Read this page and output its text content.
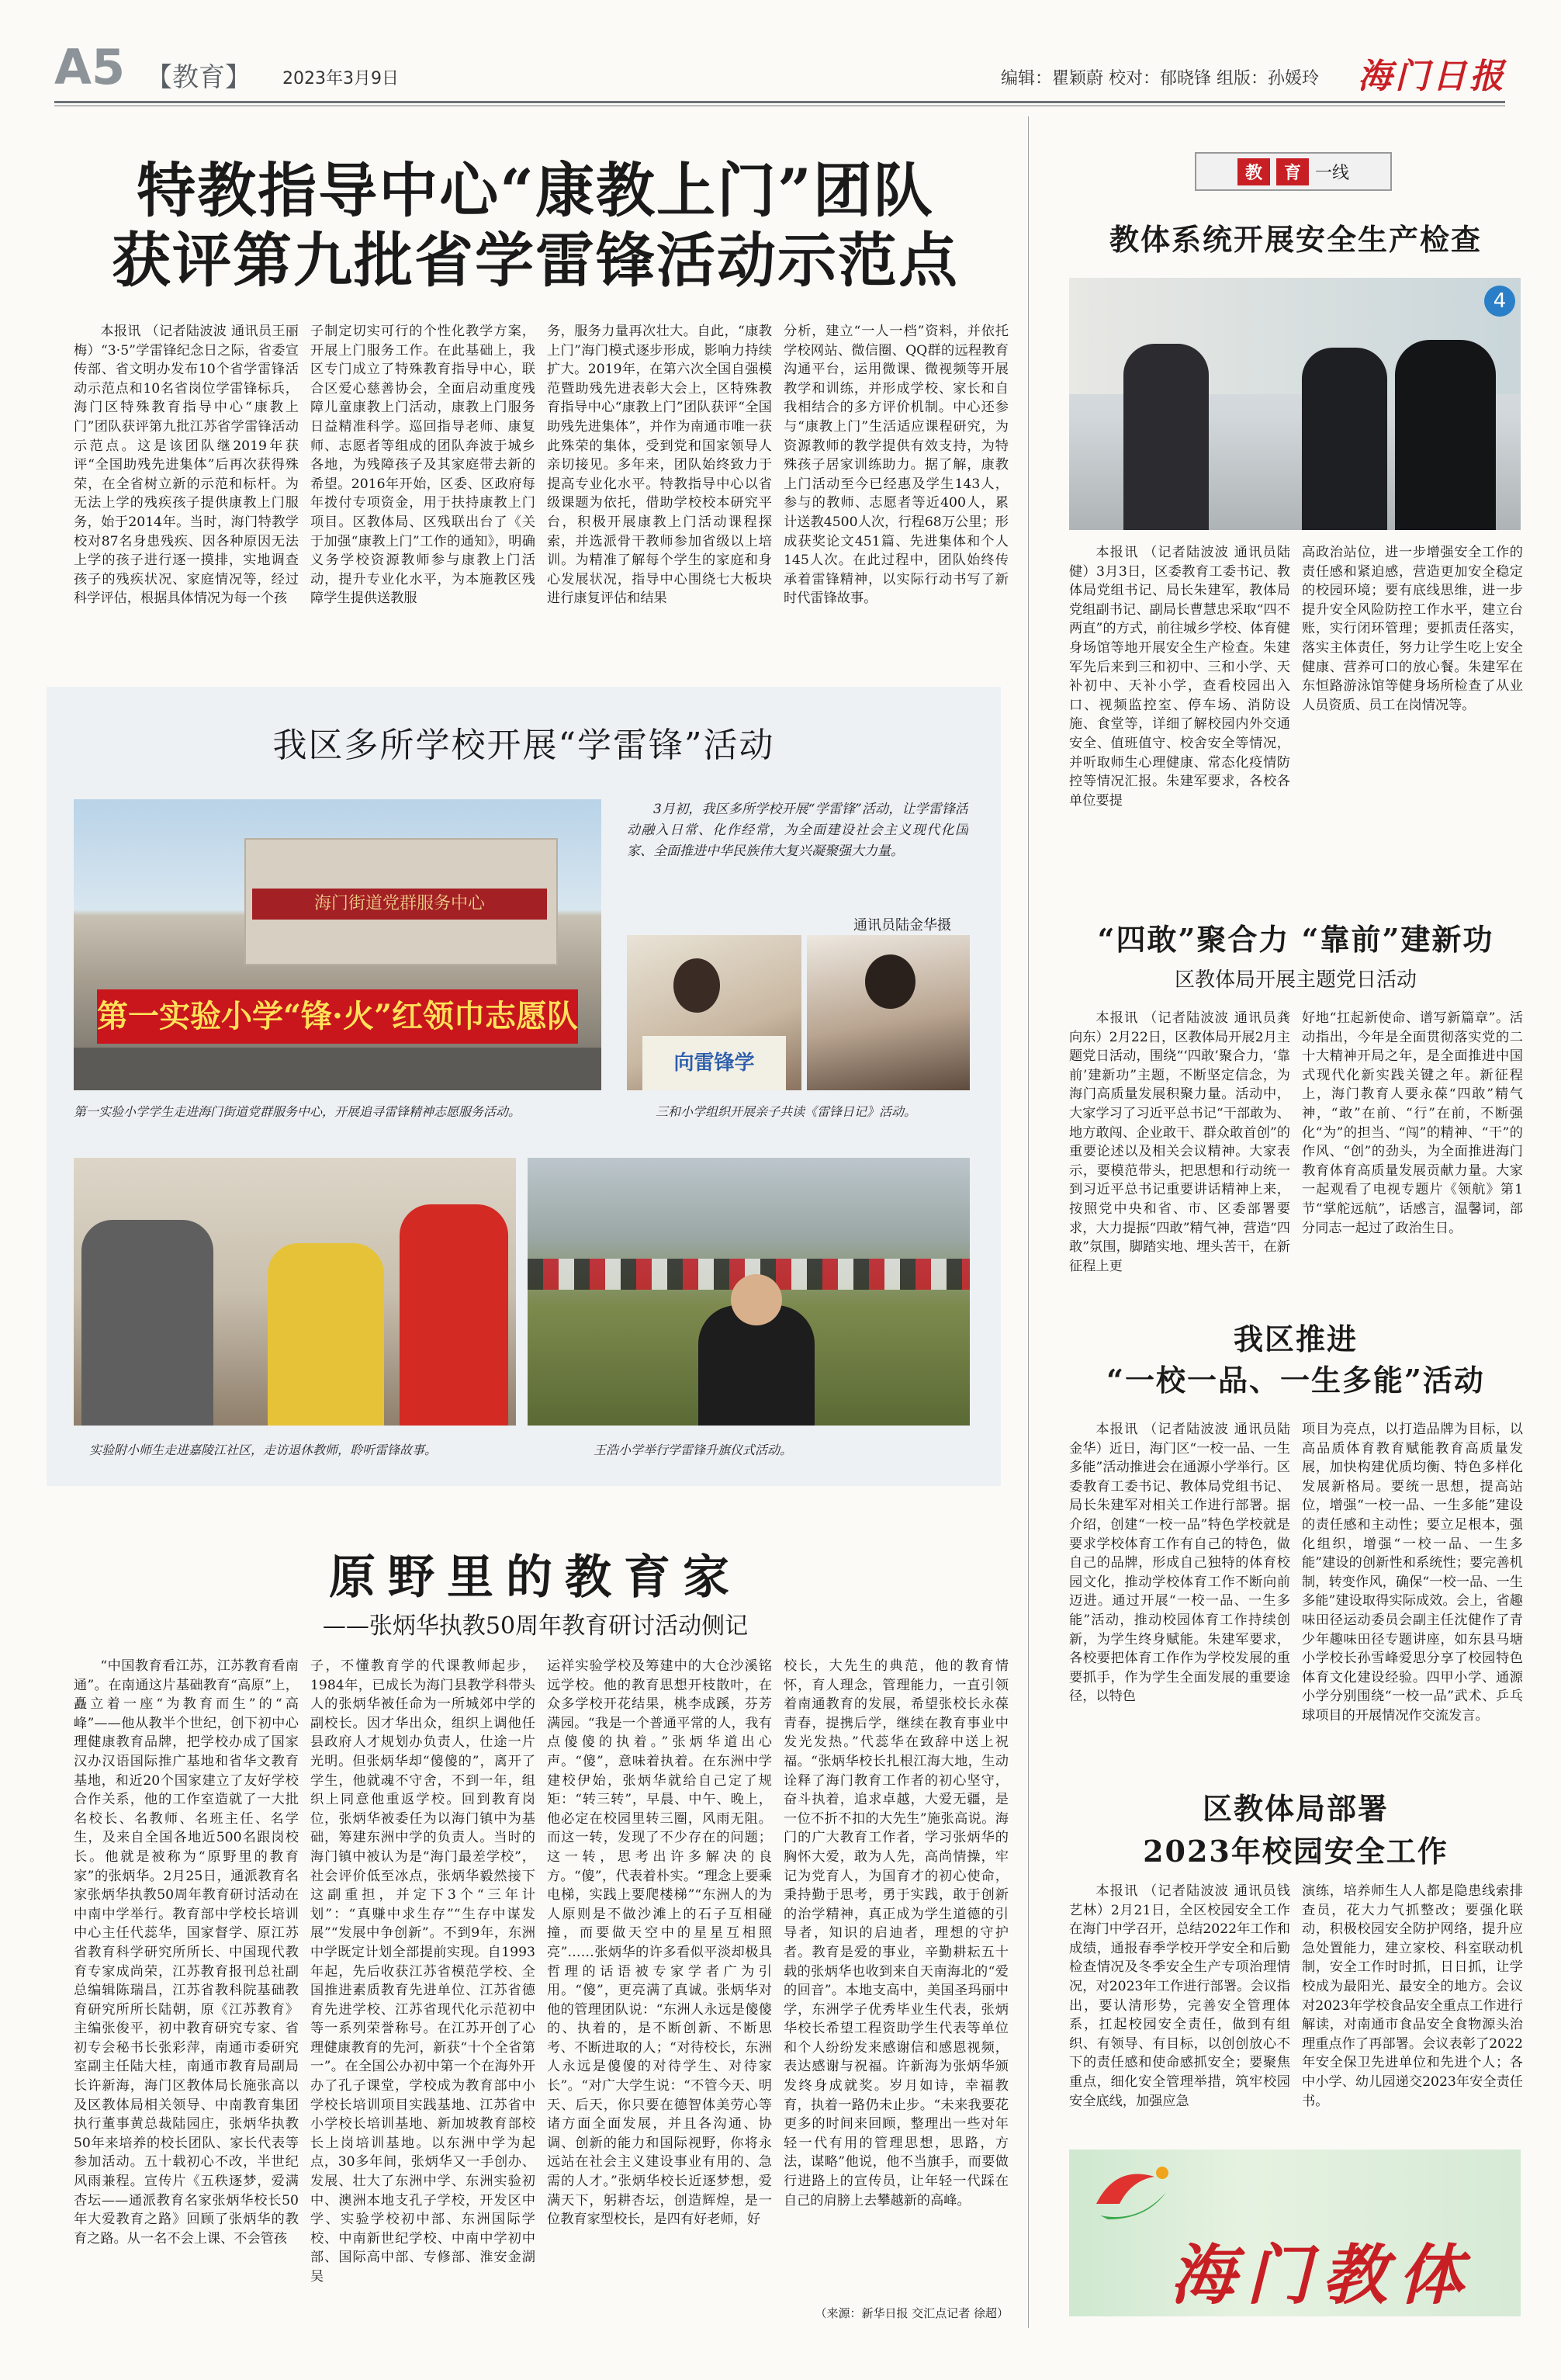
A5 【教育】 2023年3月9日	编辑：瞿颖蔚 校对：郁晓锋 组版：孙媛玲 海门日报
特教指导中心“康教上门”团队
获评第九批省学雷锋活动示范点

本报讯 （记者陆波波 通讯员王丽梅）“3·5”学雷锋纪念日之际，省委宣传部、省文明办发布10个省学雷锋活动示范点和10名省岗位学雷锋标兵，海门区特殊教育指导中心“康教上门”团队获评第九批江苏省学雷锋活动示范点。这是该团队继2019年获评“全国助残先进集体”后再次获得殊荣，在全省树立新的示范和标杆。为无法上学的残疾孩子提供康教上门服务，始于2014年。当时，海门特教学校对87名身患残疾、因各种原因无法上学的孩子进行逐一摸排，实地调查孩子的残疾状况、家庭情况等，经过科学评估，根据具体情况为每一个孩

子制定切实可行的个性化教学方案，开展上门服务工作。在此基础上，我区专门成立了特殊教育指导中心，联合区爱心慈善协会，全面启动重度残障儿童康教上门活动，康教上门服务日益精准科学。巡回指导老师、康复师、志愿者等组成的团队奔波于城乡各地，为残障孩子及其家庭带去新的希望。2016年开始，区委、区政府每年拨付专项资金，用于扶持康教上门项目。区教体局、区残联出台了《关于加强“康教上门”工作的通知》，明确义务学校资源教师参与康教上门活动，提升专业化水平，为本施教区残障学生提供送教服

务，服务力量再次壮大。自此，“康教上门”海门模式逐步形成，影响力持续扩大。2019年，在第六次全国自强模范暨助残先进表彰大会上，区特殊教育指导中心“康教上门”团队获评“全国助残先进集体”，并作为南通市唯一获此殊荣的集体，受到党和国家领导人亲切接见。多年来，团队始终致力于提高专业化水平。特教指导中心以省级课题为依托，借助学校校本研究平台，积极开展康教上门活动课程探索，并选派骨干教师参加省级以上培训。为精准了解每个学生的家庭和身心发展状况，指导中心围绕七大板块进行康复评估和结果

分析，建立“一人一档”资料，并依托学校网站、微信圈、QQ群的远程教育沟通平台，运用微课、微视频等开展教学和训练，并形成学校、家长和自我相结合的多方评价机制。中心还参与“康教上门”生活适应课程研究，为资源教师的教学提供有效支持，为特殊孩子居家训练助力。据了解，康教上门活动至今已经惠及学生143人，参与的教师、志愿者等近400人，累计送教4500人次，行程68万公里；形成获奖论文451篇、先进集体和个人145人次。在此过程中，团队始终传承着雷锋精神，以实际行动书写了新时代雷锋故事。

我区多所学校开展“学雷锋”活动
海门街道党群服务中心
第一实验小学“锋·火”红领巾志愿队
第一实验小学学生走进海门街道党群服务中心，开展追寻雷锋精神志愿服务活动。

3月初，我区多所学校开展“学雷锋”活动，让学雷锋活动融入日常、化作经常，为全面建设社会主义现代化国家、全面推进中华民族伟大复兴凝聚强大力量。

通讯员陆金华摄
向雷锋学
三和小学组织开展亲子共读《雷锋日记》活动。
实验附小师生走进嘉陵江社区，走访退休教师，聆听雷锋故事。	王浩小学举行学雷锋升旗仪式活动。
原野里的教育家
——张炳华执教50周年教育研讨活动侧记

“中国教育看江苏，江苏教育看南通”。在南通这片基础教育“高原”上，矗立着一座“为教育而生”的“高峰”——他从教半个世纪，创下初中心理健康教育品牌，把学校办成了国家汉办汉语国际推广基地和省华文教育基地，和近20个国家建立了友好学校合作关系，他的工作室造就了一大批名校长、名教师、名班主任、名学生，及来自全国各地近500名跟岗校长。他就是被称为“原野里的教育家”的张炳华。2月25日，通派教育名家张炳华执教50周年教育研讨活动在中南中学举行。教育部中学校长培训中心主任代蕊华，国家督学、原江苏省教育科学研究所所长、中国现代教育专家成尚荣，江苏教育报刊总社副总编辑陈瑞昌，江苏省教科院基础教育研究所所长陆朝，原《江苏教育》主编张俊平，初中教育研究专家、省初专会秘书长张彩萍，南通市委研究室副主任陆大桂，南通市教育局副局长许新海，海门区教体局长施张高以及区教体局相关领导、中南教育集团执行董事黄总裁陆园庄，张炳华执教50年来培养的校长团队、家长代表等参加活动。五十载初心不改，半世纪风雨兼程。宣传片《五秩逐梦，爱满杏坛——通派教育名家张炳华校长50年大爱教育之路》回顾了张炳华的教育之路。从一名不会上课、不会管孩

子，不懂教育学的代课教师起步，1984年，已成长为海门县教学科带头人的张炳华被任命为一所城郊中学的副校长。因才华出众，组织上调他任县政府人才规划办负责人，仕途一片光明。但张炳华却“傻傻的”，离开了学生，他就魂不守舍，不到一年，组织上同意他重返学校。回到教育岗位，张炳华被委任为以海门镇中为基础，筹建东洲中学的负责人。当时的海门镇中被认为是“海门最差学校”，社会评价低至冰点，张炳华毅然接下这副重担，并定下3个“三年计划”：“真赚中求生存”“生存中谋发展”“发展中争创新”。不到9年，东洲中学既定计划全部提前实现。自1993年起，先后收获江苏省模范学校、全国推进素质教育先进单位、江苏省德育先进学校、江苏省现代化示范初中等一系列荣誉称号。在江苏开创了心理健康教育的先河，新获“十个全省第一”。在全国公办初中第一个在海外开办了孔子课堂，学校成为教育部中小学校长培训项目实践基地、江苏省中小学校长培训基地、新加坡教育部校长上岗培训基地。以东洲中学为起点，30多年间，张炳华又一手创办、发展、壮大了东洲中学、东洲实验初中、澳洲本地支孔子学校，开发区中学、实验学校初中部、东洲国际学校、中南新世纪学校、中南中学初中部、国际高中部、专修部、淮安金湖吴

运祥实验学校及筹建中的大仓沙溪铭远学校。他的教育思想开枝散叶，在众多学校开花结果，桃李成蹊，芬芳满园。“我是一个普通平常的人，我有点傻傻的执着。”张炳华道出心声。“傻”，意味着执着。在东洲中学建校伊始，张炳华就给自己定了规矩：“转三转”，早晨、中午、晚上，他必定在校园里转三圈，风雨无阻。而这一转，发现了不少存在的问题；这一转，思考出许多解决的良方。“傻”，代表着朴实。“理念上要乘电梯，实践上要爬楼梯”“东洲人的为人原则是不做沙滩上的石子互相碰撞，而要做天空中的星星互相照亮”……张炳华的许多看似平淡却极具哲理的话语被专家学者广为引用。“傻”，更亮满了真诚。张炳华对他的管理团队说：“东洲人永远是傻傻的、执着的，是不断创新、不断思考、不断进取的人；“对待校长，东洲人永远是傻傻的对待学生、对待家长”。“对广大学生说：“不管今天、明天、后天，你只要在德智体美劳心等诸方面全面发展，并且各沟通、协调、创新的能力和国际视野，你将永远站在社会主义建设事业有用的、急需的人才。”张炳华校长近逐梦想，爱满天下，躬耕杏坛，创造辉煌，是一位教育家型校长，是四有好老师，好

校长，大先生的典范，他的教育情怀，育人理念，管理能力，一直引领着南通教育的发展，希望张校长永葆青春，提携后学，继续在教育事业中发光发热。”代蕊华在致辞中送上祝福。“张炳华校长扎根江海大地，生动诠释了海门教育工作者的初心坚守，奋斗执着，追求卓越，大爱无疆，是一位不折不扣的大先生”施张高说。海门的广大教育工作者，学习张炳华的胸怀大爱，敢为人先，高尚情操，牢记为党育人，为国育才的初心使命，秉持勤于思考，勇于实践，敢于创新的治学精神，真正成为学生道德的引导者，知识的启迪者，理想的守护者。教育是爱的事业，辛勤耕耘五十载的张炳华也收到来自天南海北的“爱的回音”。本地支高中，美国圣玛丽中学，东洲学子优秀毕业生代表，张炳华校长希望工程资助学生代表等单位和个人纷纷发来感谢信和感恩视频，表达感谢与祝福。许新海为张炳华颁发终身成就奖。岁月如诗，幸福教育，执着一路仍未止步。“未来我要花更多的时间来回顾，整理出一些对年轻一代有用的管理思想，思路，方法，谋略”他说，他不当旗手，而要做行进路上的宣传员，让年轻一代踩在自己的肩膀上去攀越新的高峰。

（来源：新华日报 交汇点记者 徐超）
教	育 一线
教体系统开展安全生产检查
4

本报讯 （记者陆波波 通讯员陆健）3月3日，区委教育工委书记、教体局党组书记、局长朱建军，教体局党组副书记、副局长曹慧忠采取“四不两直”的方式，前往城乡学校、体育健身场馆等地开展安全生产检查。朱建军先后来到三和初中、三和小学、天补初中、天补小学，查看校园出入口、视频监控室、停车场、消防设施、食堂等，详细了解校园内外交通安全、值班值守、校舍安全等情况，并听取师生心理健康、常态化疫情防控等情况汇报。朱建军要求，各校各单位要提

高政治站位，进一步增强安全工作的责任感和紧迫感，营造更加安全稳定的校园环境；要有底线思维，进一步提升安全风险防控工作水平，建立台账，实行闭环管理；要抓责任落实，落实主体责任，努力让学生吃上安全健康、营养可口的放心餐。朱建军在东恒路游泳馆等健身场所检查了从业人员资质、员工在岗情况等。

“四敢”聚合力 “靠前”建新功
区教体局开展主题党日活动

本报讯 （记者陆波波 通讯员龚向东）2月22日，区教体局开展2月主题党日活动，围绕“‘四敢’聚合力，‘靠前’建新功”主题，不断坚定信念，为海门高质量发展积聚力量。活动中，大家学习了习近平总书记“干部敢为、地方敢闯、企业敢干、群众敢首创”的重要论述以及相关会议精神。大家表示，要模范带头，把思想和行动统一到习近平总书记重要讲话精神上来，按照党中央和省、市、区委部署要求，大力提振“四敢”精气神，营造“四敢”氛围，脚踏实地、埋头苦干，在新征程上更

好地“扛起新使命、谱写新篇章”。活动指出，今年是全面贯彻落实党的二十大精神开局之年，是全面推进中国式现代化新实践关键之年。新征程上，海门教育人要永葆“四敢”精气神，“敢”在前、“行”在前，不断强化“为”的担当、“闯”的精神、“干”的作风、“创”的劲头，为全面推进海门教育体育高质量发展贡献力量。大家一起观看了电视专题片《领航》第1节“掌舵远航”，话感言，温馨词，部分同志一起过了政治生日。

我区推进
“一校一品、一生多能”活动

本报讯 （记者陆波波 通讯员陆金华）近日，海门区“一校一品、一生多能”活动推进会在通源小学举行。区委教育工委书记、教体局党组书记、局长朱建军对相关工作进行部署。据介绍，创建“一校一品”特色学校就是要求学校体育工作有自己的特色，做自己的品牌，形成自己独特的体育校园文化，推动学校体育工作不断向前迈进。通过开展“一校一品、一生多能”活动，推动校园体育工作持续创新，为学生终身赋能。朱建军要求，各校要把体育工作作为学校发展的重要抓手，作为学生全面发展的重要途径，以特色

项目为亮点，以打造品牌为目标，以高品质体育教育赋能教育高质量发展，加快构建优质均衡、特色多样化发展新格局。要统一思想，提高站位，增强“一校一品、一生多能”建设的责任感和主动性；要立足根本，强化组织，增强“一校一品、一生多能”建设的创新性和系统性；要完善机制，转变作风，确保“一校一品、一生多能”建设取得实际成效。会上，省趣味田径运动委员会副主任沈健作了青少年趣味田径专题讲座，如东县马塘小学校长孙雪峰爱思分享了校园特色体育文化建设经验。四甲小学、通源小学分别围绕“一校一品”武术、乒乓球项目的开展情况作交流发言。

区教体局部署
2023年校园安全工作

本报讯 （记者陆波波 通讯员钱艺林）2月21日，全区校园安全工作在海门中学召开，总结2022年工作和成绩，通报春季学校开学安全和后勤检查情况及冬季安全生产专项治理情况，对2023年工作进行部署。会议指出，要认清形势，完善安全管理体系，扛起校园安全责任，做到有组织、有领导、有目标，以创创放心不下的责任感和使命感抓安全；要聚焦重点，细化安全管理举措，筑牢校园安全底线，加强应急

演练，培养师生人人都是隐患线索排查员，花大力气抓整改；要强化联动，积极校园安全防护网络，提升应急处置能力，建立家校、科室联动机制，安全工作时时抓，日日抓，让学校成为最阳光、最安全的地方。会议对2023年学校食品安全重点工作进行解读，对南通市食品安全食物源头治理重点作了再部署。会议表彰了2022年安全保卫先进单位和先进个人；各中小学、幼儿园递交2023年安全责任书。

海门教体
